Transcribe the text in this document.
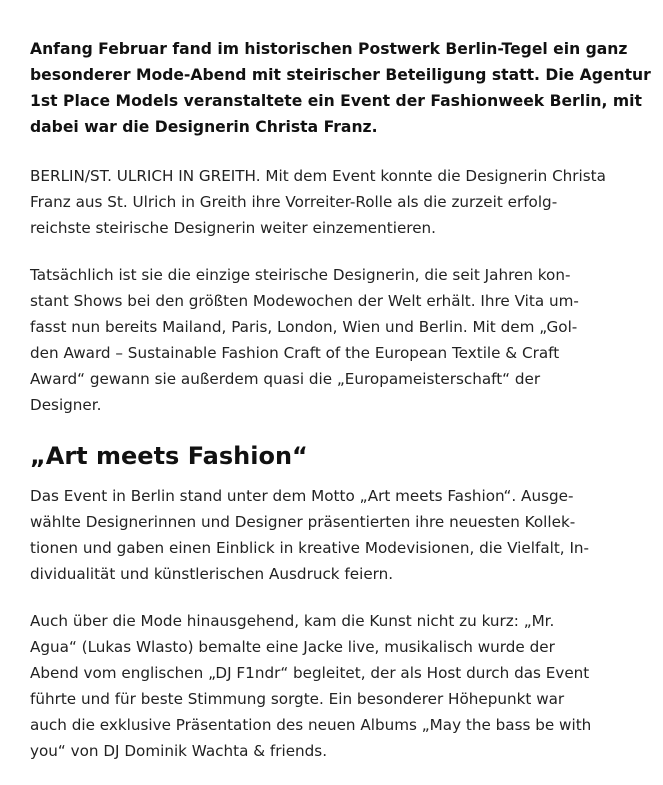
Anfang Februar fand im historischen Postwerk Berlin-Tegel ein ganz
besonderer Mode-Abend mit steirischer Beteiligung statt. Die Agentur
1st Place Models veranstaltete ein Event der Fashionweek Berlin, mit
dabei war die Designerin Christa Franz.

BERLIN/ST. ULRICH IN GREITH. Mit dem Event konnte die Designerin Christa
Franz aus St. Ulrich in Greith ihre Vorreiter-Rolle als die zurzeit erfolg-
reichste steirische Designerin weiter einzementieren.

Tatsächlich ist sie die einzige steirische Designerin, die seit Jahren kon-
stant Shows bei den größten Modewochen der Welt erhält. Ihre Vita um-
fasst nun bereits Mailand, Paris, London, Wien und Berlin. Mit dem „Gol-
den Award – Sustainable Fashion Craft of the European Textile & Craft
Award“ gewann sie außerdem quasi die „Europameisterschaft“ der
Designer.

„Art meets Fashion“

Das Event in Berlin stand unter dem Motto „Art meets Fashion“. Ausge-
wählte Designerinnen und Designer präsentierten ihre neuesten Kollek-
tionen und gaben einen Einblick in kreative Modevisionen, die Vielfalt, In-
dividualität und künstlerischen Ausdruck feiern.

Auch über die Mode hinausgehend, kam die Kunst nicht zu kurz: „Mr.
Agua“ (Lukas Wlasto) bemalte eine Jacke live, musikalisch wurde der
Abend vom englischen „DJ F1ndr“ begleitet, der als Host durch das Event
führte und für beste Stimmung sorgte. Ein besonderer Höhepunkt war
auch die exklusive Präsentation des neuen Albums „May the bass be with
you“ von DJ Dominik Wachta & friends.
